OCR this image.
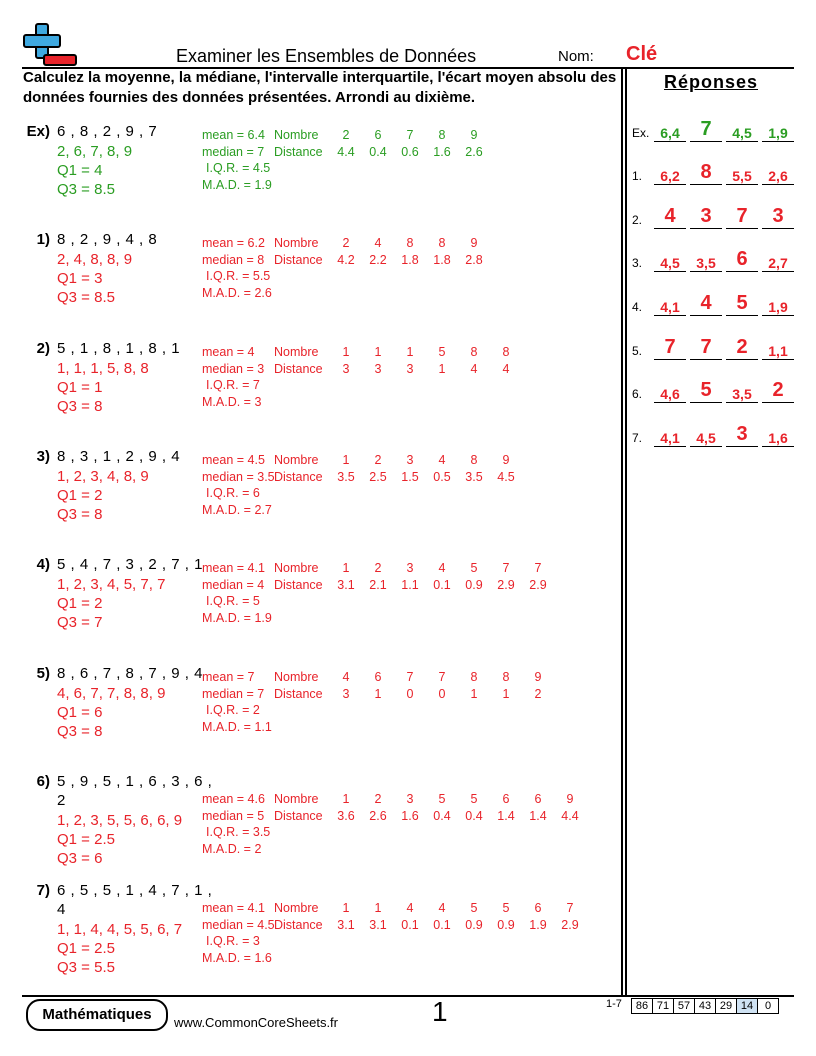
Examiner les Ensembles de Données	Nom: Clé
Calculez la moyenne, la médiane, l'intervalle interquartile, l'écart moyen absolu des données fournies des données présentées. Arrondi au dixième.
Ex) 6 , 8 , 2 , 9 , 7
2, 6, 7, 8, 9
Q1 = 4
Q3 = 8.5
mean = 6.4 Nombre 2 6 7 8 9
median = 7 Distance 4.4 0.4 0.6 1.6 2.6
I.Q.R. = 4.5
M.A.D. = 1.9
1) 8 , 2 , 9 , 4 , 8
2, 4, 8, 8, 9
Q1 = 3
Q3 = 8.5
mean = 6.2 Nombre 2 4 8 8 9
median = 8 Distance 4.2 2.2 1.8 1.8 2.8
I.Q.R. = 5.5
M.A.D. = 2.6
2) 5 , 1 , 8 , 1 , 8 , 1
1, 1, 1, 5, 8, 8
Q1 = 1
Q3 = 8
mean = 4 Nombre 1 1 1 5 8 8
median = 3 Distance 3 3 3 1 4 4
I.Q.R. = 7
M.A.D. = 3
3) 8 , 3 , 1 , 2 , 9 , 4
1, 2, 3, 4, 8, 9
Q1 = 2
Q3 = 8
mean = 4.5 Nombre 1 2 3 4 8 9
median = 3.5Distance 3.5 2.5 1.5 0.5 3.5 4.5
I.Q.R. = 6
M.A.D. = 2.7
4) 5 , 4 , 7 , 3 , 2 , 7 , 1
1, 2, 3, 4, 5, 7, 7
Q1 = 2
Q3 = 7
mean = 4.1 Nombre 1 2 3 4 5 7 7
median = 4 Distance 3.1 2.1 1.1 0.1 0.9 2.9 2.9
I.Q.R. = 5
M.A.D. = 1.9
5) 8 , 6 , 7 , 8 , 7 , 9 , 4
4, 6, 7, 7, 8, 8, 9
Q1 = 6
Q3 = 8
mean = 7 Nombre 4 6 7 7 8 8 9
median = 7 Distance 3 1 0 0 1 1 2
I.Q.R. = 2
M.A.D. = 1.1
6) 5 , 9 , 5 , 1 , 6 , 3 , 6 ,
2
1, 2, 3, 5, 5, 6, 6, 9
Q1 = 2.5
Q3 = 6
mean = 4.6 Nombre 1 2 3 5 5 6 6 9
median = 5 Distance 3.6 2.6 1.6 0.4 0.4 1.4 1.4 4.4
I.Q.R. = 3.5
M.A.D. = 2
7) 6 , 5 , 5 , 1 , 4 , 7 , 1 ,
4
1, 1, 4, 4, 5, 5, 6, 7
Q1 = 2.5
Q3 = 5.5
mean = 4.1 Nombre 1 1 4 4 5 5 6 7
median = 4.5Distance 3.1 3.1 0.1 0.1 0.9 0.9 1.9 2.9
I.Q.R. = 3
M.A.D. = 1.6
Réponses
Ex. 6,4	7	4,5	1,9
1.	6,2	8	5,5	2,6
2.	4	3	7	3
3.	4,5	3,5	6	2,7
4.	4,1	4	5	1,9
5.	7	7	2	1,1
6.	4,6	5	3,5	2
7.	4,1	4,5	3	1,6
Mathématiques	www.CommonCoreSheets.fr	1	1-7	86 71 57 43 29 14	0
